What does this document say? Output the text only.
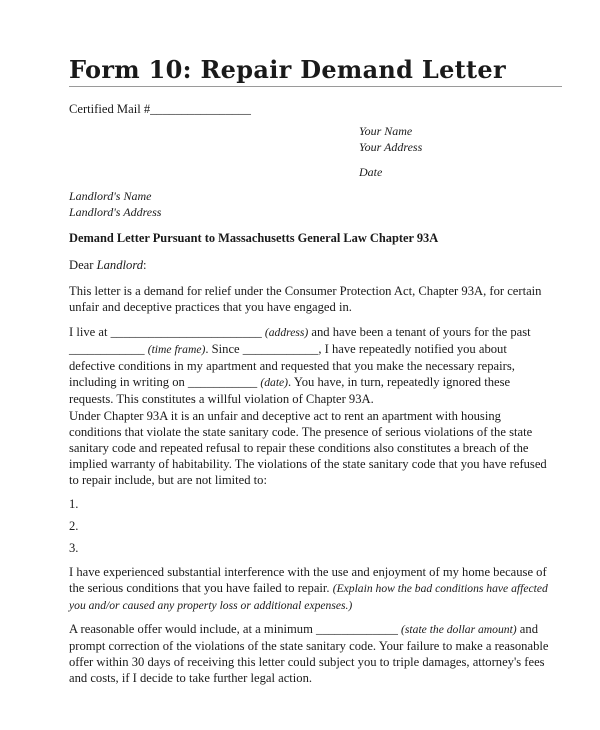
Form 10: Repair Demand Letter
Certified Mail #________________
Your Name
Your Address
Date
Landlord's Name
Landlord's Address
Demand Letter Pursuant to Massachusetts General Law Chapter 93A
Dear Landlord:

This letter is a demand for relief under the Consumer Protection Act, Chapter 93A, for certain unfair and deceptive practices that you have engaged in.

I live at ________________________ (address) and have been a tenant of yours for the past ____________ (time frame). Since ____________, I have repeatedly notified you about defective conditions in my apartment and requested that you make the necessary repairs, including in writing on ___________ (date). You have, in turn, repeatedly ignored these requests. This constitutes a willful violation of Chapter 93A.

Under Chapter 93A it is an unfair and deceptive act to rent an apartment with housing conditions that violate the state sanitary code. The presence of serious violations of the state sanitary code and repeated refusal to repair these conditions also constitutes a breach of the implied warranty of habitability. The violations of the state sanitary code that you have refused to repair include, but are not limited to:

1.
2.
3.

I have experienced substantial interference with the use and enjoyment of my home because of the serious conditions that you have failed to repair. (Explain how the bad conditions have affected you and/or caused any property loss or additional expenses.)

A reasonable offer would include, at a minimum _____________ (state the dollar amount) and prompt correction of the violations of the state sanitary code. Your failure to make a reasonable offer within 30 days of receiving this letter could subject you to triple damages, attorney's fees and costs, if I decide to take further legal action.
